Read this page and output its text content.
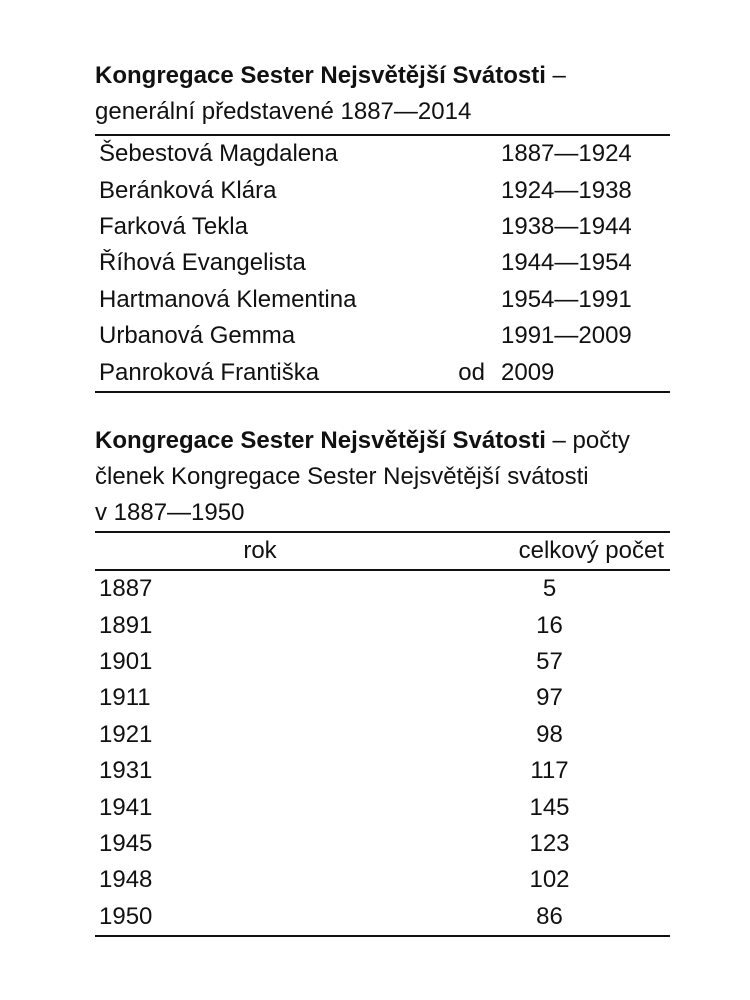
Kongregace Sester Nejsvětější Svátosti –

generální představené 1887—2014

Šebestová Magdalena	1887—1924
Beránková Klára	1924—1938
Farková Tekla	1938—1944
Říhová Evangelista	1944—1954
Hartmanová Klementina	1954—1991
Urbanová Gemma	1991—2009
Panroková Františka	od 2009

Kongregace Sester Nejsvětější Svátosti – počty

členek Kongregace Sester Nejsvětější svátosti

v 1887—1950

rok	celkový počet
1887	5
1891	16
1901	57
1911	97
1921	98
1931	117
1941	145
1945	123
1948	102
1950	86
